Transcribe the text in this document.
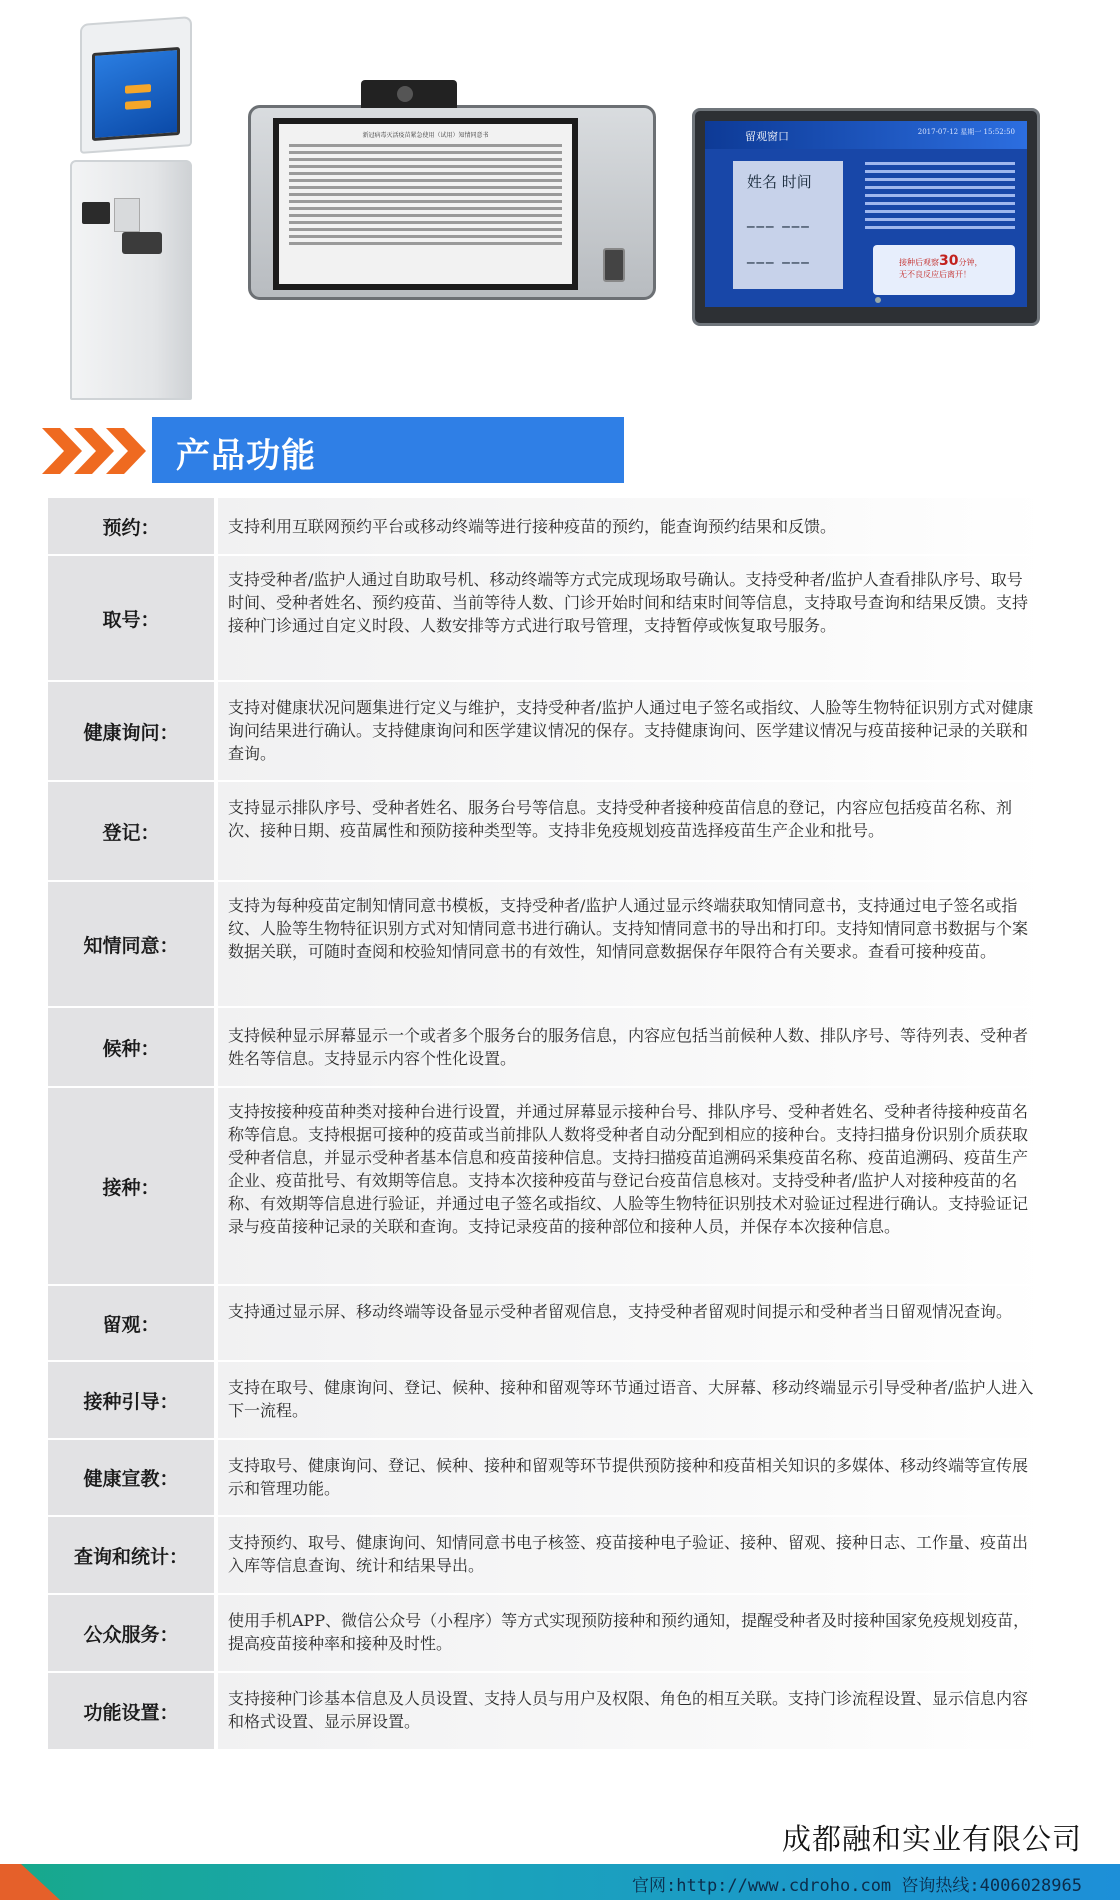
新冠病毒灭活疫苗紧急使用（试用）知情同意书	留观窗口	2017-07-12 星期一 15:52:50
姓名 时间
___ ___
___ ___	接种后观察30分钟，
无不良反应后离开！
产品功能
预约：	支持利用互联网预约平台或移动终端等进行接种疫苗的预约，能查询预约结果和反馈。
取号：
支持受种者/监护人通过自助取号机、移动终端等方式完成现场取号确认。支持受种者/监护人查看排队序号、取号时间、受种者姓名、预约疫苗、当前等待人数、门诊开始时间和结束时间等信息，支持取号查询和结果反馈。支持接种门诊通过自定义时段、人数安排等方式进行取号管理，支持暂停或恢复取号服务。
健康询问：
支持对健康状况问题集进行定义与维护，支持受种者/监护人通过电子签名或指纹、人脸等生物特征识别方式对健康询问结果进行确认。支持健康询问和医学建议情况的保存。支持健康询问、医学建议情况与疫苗接种记录的关联和查询。
登记：
支持显示排队序号、受种者姓名、服务台号等信息。支持受种者接种疫苗信息的登记，内容应包括疫苗名称、剂次、接种日期、疫苗属性和预防接种类型等。支持非免疫规划疫苗选择疫苗生产企业和批号。
知情同意：
支持为每种疫苗定制知情同意书模板，支持受种者/监护人通过显示终端获取知情同意书，支持通过电子签名或指纹、人脸等生物特征识别方式对知情同意书进行确认。支持知情同意书的导出和打印。支持知情同意书数据与个案数据关联，可随时查阅和校验知情同意书的有效性，知情同意数据保存年限符合有关要求。查看可接种疫苗。
候种：
支持候种显示屏幕显示一个或者多个服务台的服务信息，内容应包括当前候种人数、排队序号、等待列表、受种者姓名等信息。支持显示内容个性化设置。
接种：
支持按接种疫苗种类对接种台进行设置，并通过屏幕显示接种台号、排队序号、受种者姓名、受种者待接种疫苗名称等信息。支持根据可接种的疫苗或当前排队人数将受种者自动分配到相应的接种台。支持扫描身份识别介质获取受种者信息，并显示受种者基本信息和疫苗接种信息。支持扫描疫苗追溯码采集疫苗名称、疫苗追溯码、疫苗生产企业、疫苗批号、有效期等信息。支持本次接种疫苗与登记台疫苗信息核对。支持受种者/监护人对接种疫苗的名称、有效期等信息进行验证，并通过电子签名或指纹、人脸等生物特征识别技术对验证过程进行确认。支持验证记录与疫苗接种记录的关联和查询。支持记录疫苗的接种部位和接种人员，并保存本次接种信息。
留观：
支持通过显示屏、移动终端等设备显示受种者留观信息，支持受种者留观时间提示和受种者当日留观情况查询。
接种引导：
支持在取号、健康询问、登记、候种、接种和留观等环节通过语音、大屏幕、移动终端显示引导受种者/监护人进入下一流程。
健康宣教：
支持取号、健康询问、登记、候种、接种和留观等环节提供预防接种和疫苗相关知识的多媒体、移动终端等宣传展示和管理功能。
查询和统计：
支持预约、取号、健康询问、知情同意书电子核签、疫苗接种电子验证、接种、留观、接种日志、工作量、疫苗出入库等信息查询、统计和结果导出。
公众服务：
使用手机APP、微信公众号（小程序）等方式实现预防接种和预约通知，提醒受种者及时接种国家免疫规划疫苗，提高疫苗接种率和接种及时性。
功能设置：
支持接种门诊基本信息及人员设置、支持人员与用户及权限、角色的相互关联。支持门诊流程设置、显示信息内容和格式设置、显示屏设置。
成都融和实业有限公司
官网:http://www.cdroho.com 咨询热线:4006028965
